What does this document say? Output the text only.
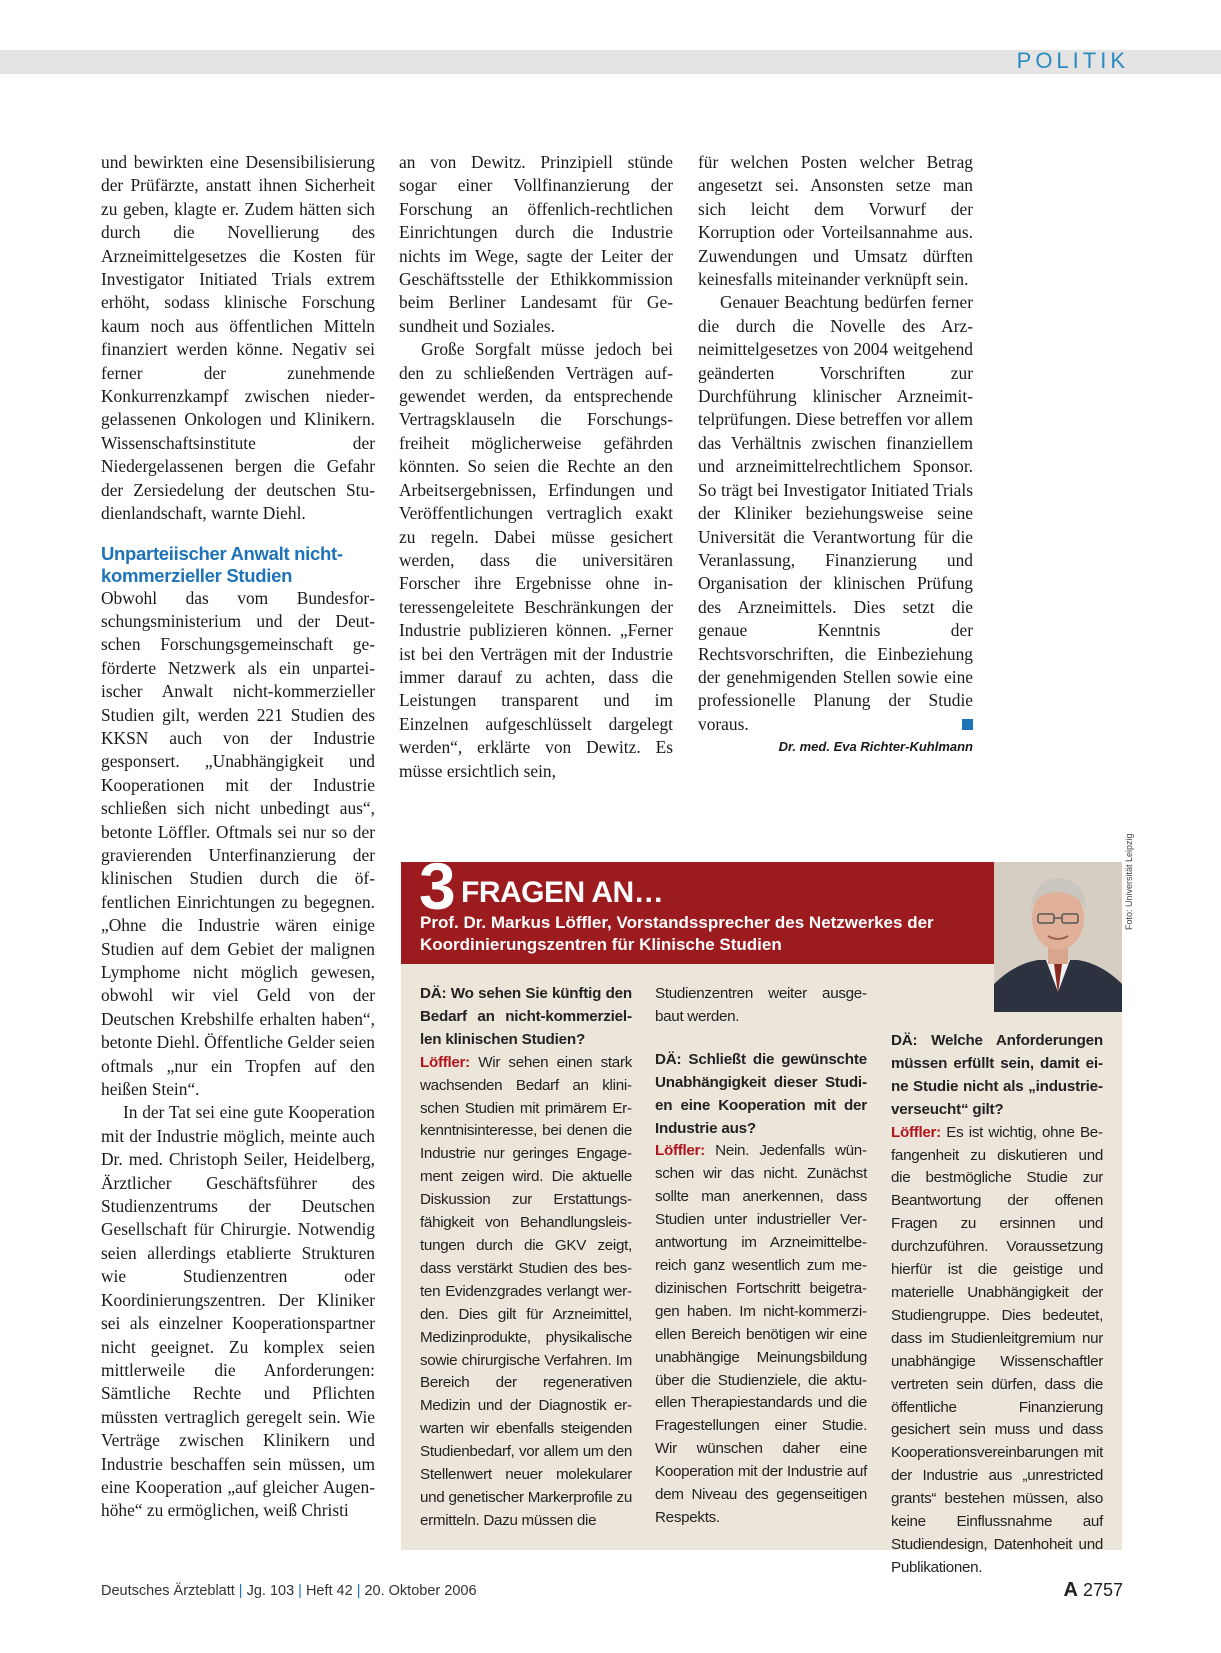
POLITIK

und bewirkten eine Desensibilisierung der Prüfärzte, anstatt ihnen Sicherheit zu geben, klagte er. Zudem hätten sich durch die Novellierung des Arzneimittelgesetzes die Kosten für Investigator Initiated Trials extrem erhöht, sodass klinische Forschung kaum noch aus öffentlichen Mitteln finanziert werden könne. Negativ sei ferner der zunehmende Konkurrenzkampf zwischen niedergelassenen Onkologen und Klinikern. Wissenschaftsinstitute der Niedergelassenen bergen die Gefahr der Zersiedelung der deutschen Studienlandschaft, warnte Diehl.

Unparteiischer Anwalt nicht-kommerzieller Studien

Obwohl das vom Bundesforschungsministerium und der Deutschen Forschungsgemeinschaft geförderte Netzwerk als ein unparteiischer Anwalt nicht-kommerzieller Studien gilt, werden 221 Studien des KKSN auch von der Industrie gesponsert. „Unabhängigkeit und Kooperationen mit der Industrie schließen sich nicht unbedingt aus“, betonte Löffler. Oftmals sei nur so der gravierenden Unterfinanzierung der klinischen Studien durch die öffentlichen Einrichtungen zu begegnen. „Ohne die Industrie wären einige Studien auf dem Gebiet der malignen Lymphome nicht möglich gewesen, obwohl wir viel Geld von der Deutschen Krebshilfe erhalten haben“, betonte Diehl. Öffentliche Gelder seien oftmals „nur ein Tropfen auf den heißen Stein“.

In der Tat sei eine gute Kooperation mit der Industrie möglich, meinte auch Dr. med. Christoph Seiler, Heidelberg, Ärztlicher Geschäftsführer des Studienzentrums der Deutschen Gesellschaft für Chirurgie. Notwendig seien allerdings etablierte Strukturen wie Studienzentren oder Koordinierungszentren. Der Kliniker sei als einzelner Kooperationspartner nicht geeignet. Zu komplex seien mittlerweile die Anforderungen: Sämtliche Rechte und Pflichten müssten vertraglich geregelt sein. Wie Verträge zwischen Klinikern und Industrie beschaffen sein müssen, um eine Kooperation „auf gleicher Augenhöhe“ zu ermöglichen, weiß Christi

an von Dewitz. Prinzipiell stünde sogar einer Vollfinanzierung der Forschung an öffenlich-rechtlichen Einrichtungen durch die Industrie nichts im Wege, sagte der Leiter der Geschäftsstelle der Ethikkommission beim Berliner Landesamt für Gesundheit und Soziales.

Große Sorgfalt müsse jedoch bei den zu schließenden Verträgen aufgewendet werden, da entsprechende Vertragsklauseln die Forschungsfreiheit möglicherweise gefährden könnten. So seien die Rechte an den Arbeitsergebnissen, Erfindungen und Veröffentlichungen vertraglich exakt zu regeln. Dabei müsse gesichert werden, dass die universitären Forscher ihre Ergebnisse ohne interessengeleitete Beschränkungen der Industrie publizieren können. „Ferner ist bei den Verträgen mit der Industrie immer darauf zu achten, dass die Leistungen transparent und im Einzelnen aufgeschlüsselt dargelegt werden“, erklärte von Dewitz. Es müsse ersichtlich sein,

für welchen Posten welcher Betrag angesetzt sei. Ansonsten setze man sich leicht dem Vorwurf der Korruption oder Vorteilsannahme aus. Zuwendungen und Umsatz dürften keinesfalls miteinander verknüpft sein.

Genauer Beachtung bedürfen ferner die durch die Novelle des Arzneimittelgesetzes von 2004 weitgehend geänderten Vorschriften zur Durchführung klinischer Arzneimittelprüfungen. Diese betreffen vor allem das Verhältnis zwischen finanziellem und arzneimittelrechtlichem Sponsor. So trägt bei Investigator Initiated Trials der Kliniker beziehungsweise seine Universität die Verantwortung für die Veranlassung, Finanzierung und Organisation der klinischen Prüfung des Arzneimittels. Dies setzt die genaue Kenntnis der Rechtsvorschriften, die Einbeziehung der genehmigenden Stellen sowie eine professionelle Planung der Studie voraus.

Dr. med. Eva Richter-Kuhlmann
3 FRAGEN AN…
Prof. Dr. Markus Löffler, Vorstandssprecher des Netzwerkes der Koordinierungszentren für Klinische Studien
Foto: Universität Leipzig

DÄ: Wo sehen Sie künftig den Bedarf an nicht-kommerziellen klinischen Studien?

Löffler: Wir sehen einen stark wachsenden Bedarf an klinischen Studien mit primärem Erkenntnisinteresse, bei denen die Industrie nur geringes Engagement zeigen wird. Die aktuelle Diskussion zur Erstattungsfähigkeit von Behandlungsleistungen durch die GKV zeigt, dass verstärkt Studien des besten Evidenzgrades verlangt werden. Dies gilt für Arzneimittel, Medizinprodukte, physikalische sowie chirurgische Verfahren. Im Bereich der regenerativen Medizin und der Diagnostik erwarten wir ebenfalls steigenden Studienbedarf, vor allem um den Stellenwert neuer molekularer und genetischer Markerprofile zu ermitteln. Dazu müssen die

Studienzentren weiter ausgebaut werden.

DÄ: Schließt die gewünschte Unabhängigkeit dieser Studien eine Kooperation mit der Industrie aus?

Löffler: Nein. Jedenfalls wünschen wir das nicht. Zunächst sollte man anerkennen, dass Studien unter industrieller Verantwortung im Arzneimittelbereich ganz wesentlich zum medizinischen Fortschritt beigetragen haben. Im nicht-kommerziellen Bereich benötigen wir eine unabhängige Meinungsbildung über die Studienziele, die aktuellen Therapiestandards und die Fragestellungen einer Studie. Wir wünschen daher eine Kooperation mit der Industrie auf dem Niveau des gegenseitigen Respekts.

DÄ: Welche Anforderungen müssen erfüllt sein, damit eine Studie nicht als „industrieverseucht“ gilt?

Löffler: Es ist wichtig, ohne Befangenheit zu diskutieren und die bestmögliche Studie zur Beantwortung der offenen Fragen zu ersinnen und durchzuführen. Voraussetzung hierfür ist die geistige und materielle Unabhängigkeit der Studiengruppe. Dies bedeutet, dass im Studienleitgremium nur unabhängige Wissenschaftler vertreten sein dürfen, dass die öffentliche Finanzierung gesichert sein muss und dass Kooperationsvereinbarungen mit der Industrie aus „unrestricted grants“ bestehen müssen, also keine Einflussnahme auf Studiendesign, Datenhoheit und Publikationen.

Deutsches Ärzteblatt | Jg. 103 | Heft 42 | 20. Oktober 2006	A 2757
